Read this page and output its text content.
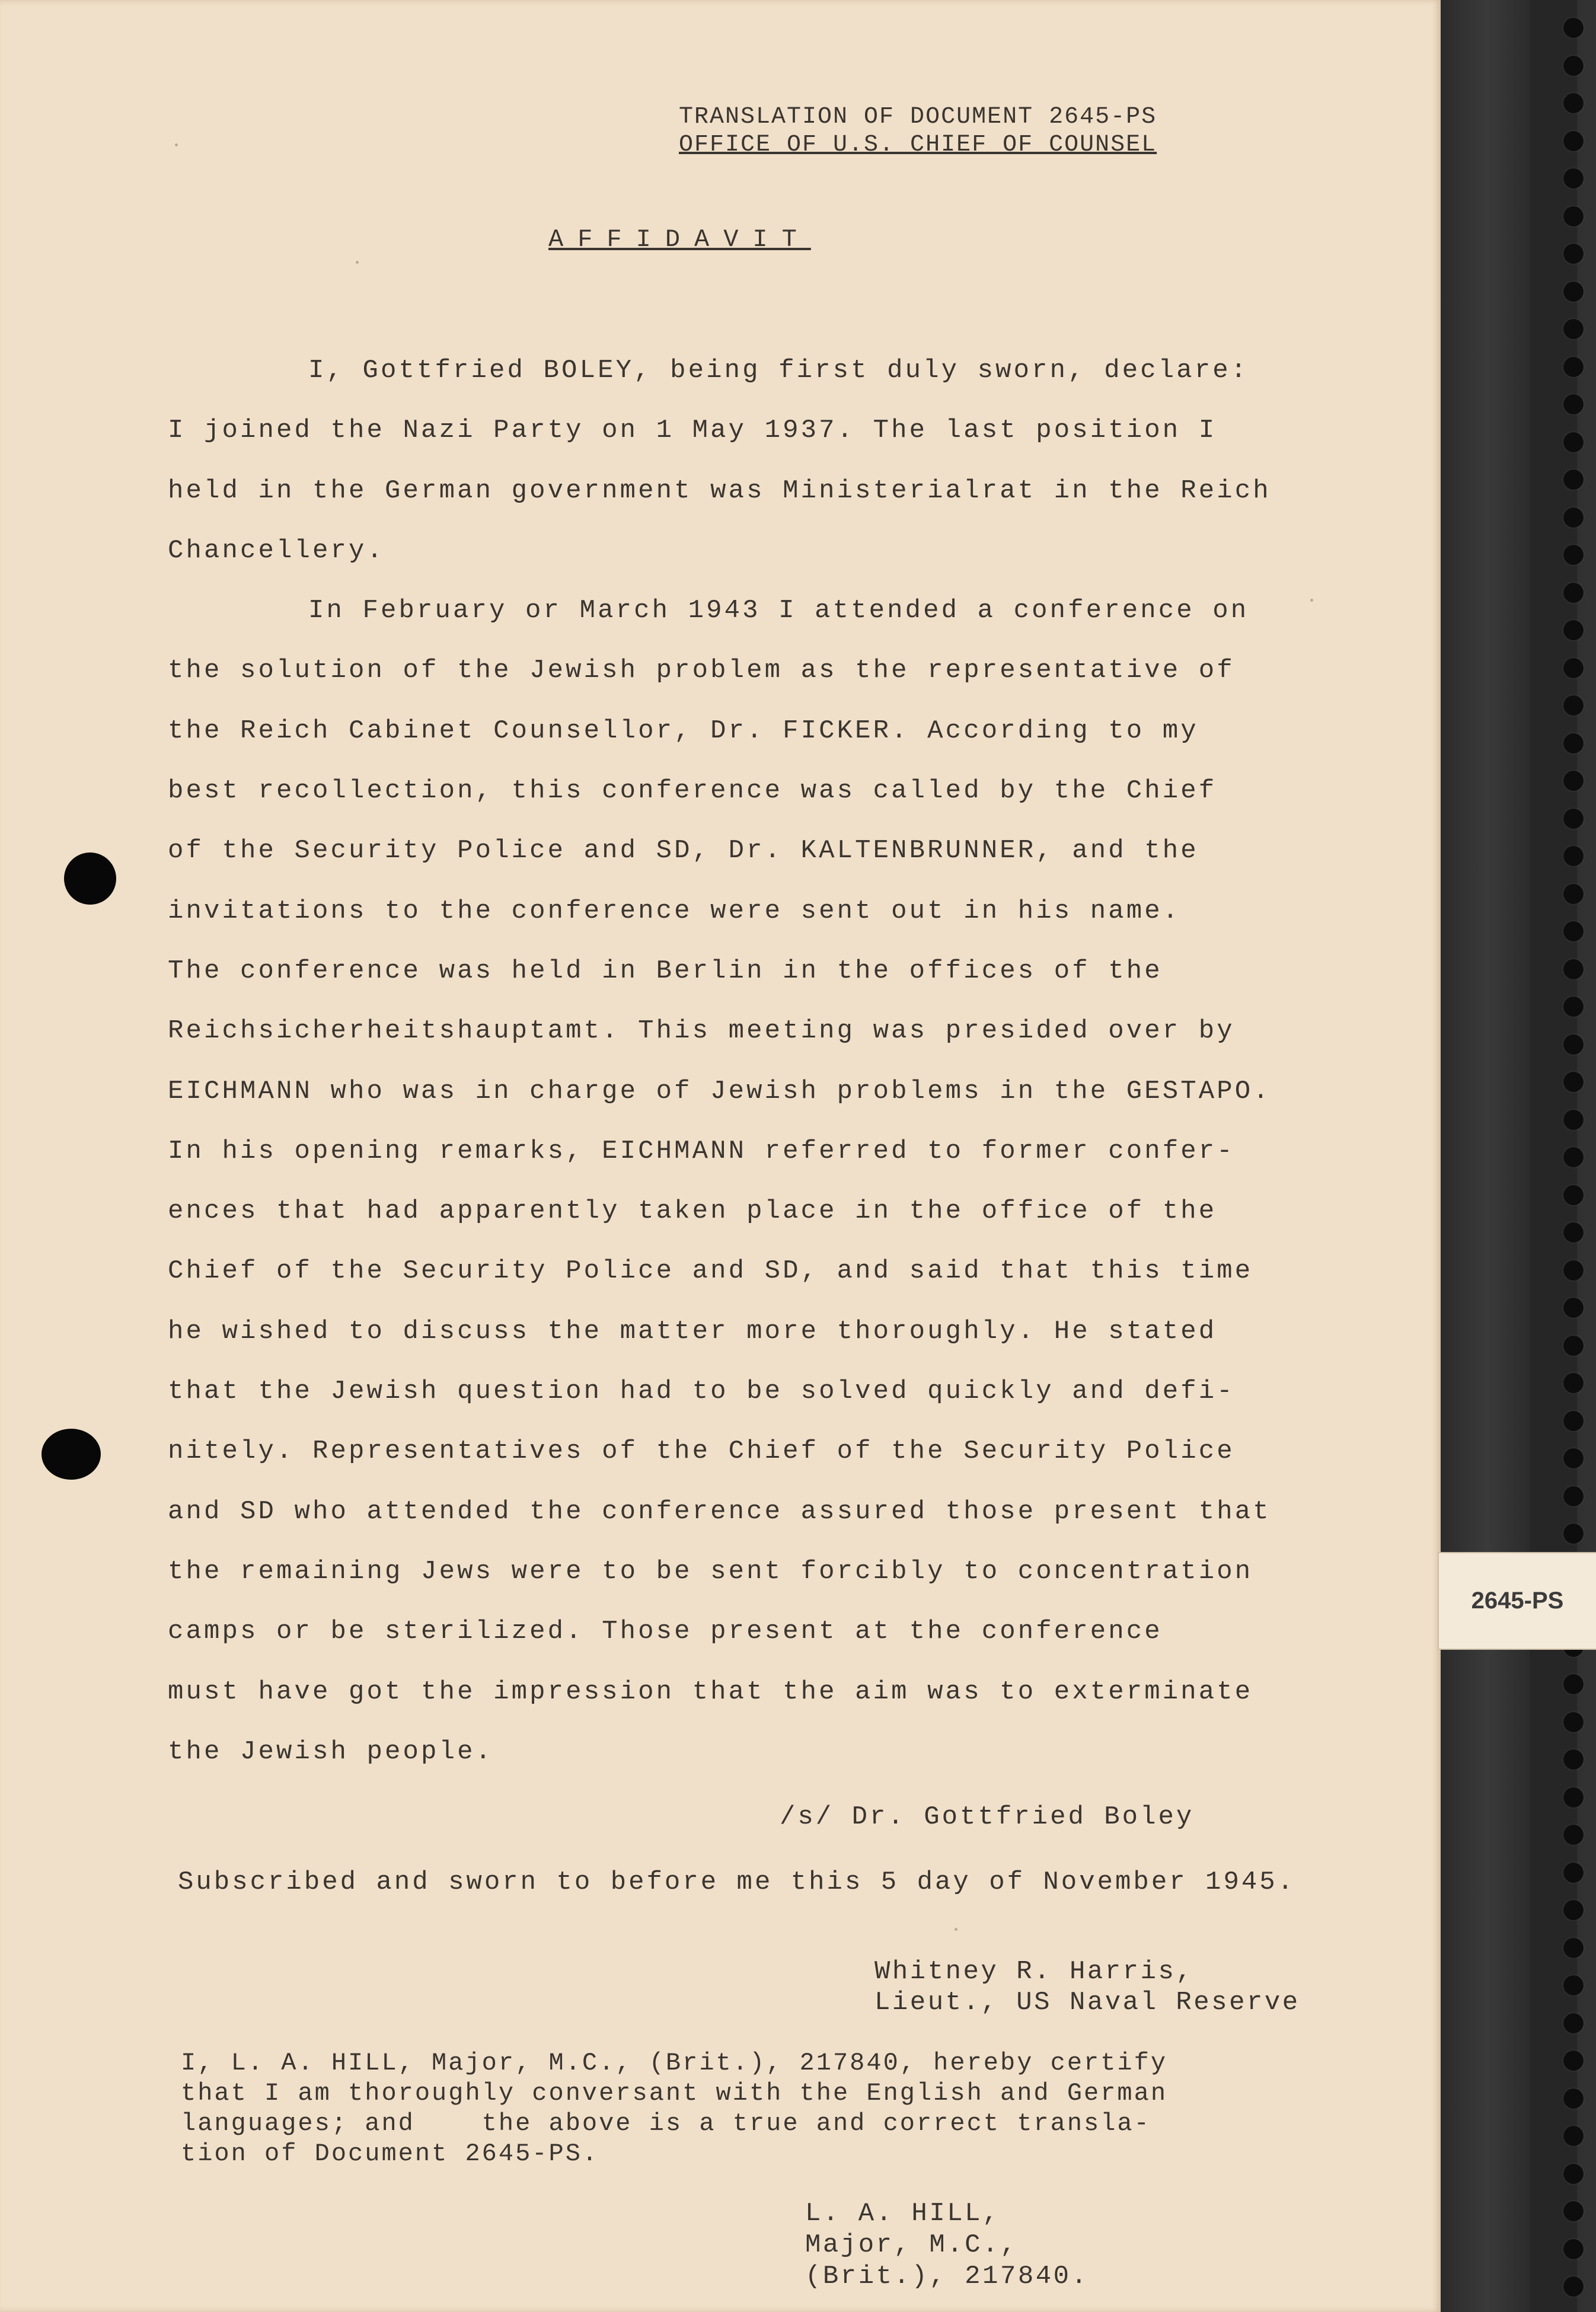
TRANSLATION OF DOCUMENT 2645-PS
OFFICE OF U.S. CHIEF OF COUNSEL
AFFIDAVIT
I, Gottfried BOLEY, being first duly sworn, declare:
I joined the Nazi Party on 1 May 1937. The last position I
held in the German government was Ministerialrat in the Reich
Chancellery.
In February or March 1943 I attended a conference on
the solution of the Jewish problem as the representative of
the Reich Cabinet Counsellor, Dr. FICKER. According to my
best recollection, this conference was called by the Chief
of the Security Police and SD, Dr. KALTENBRUNNER, and the
invitations to the conference were sent out in his name.
The conference was held in Berlin in the offices of the
Reichsicherheitshauptamt. This meeting was presided over by
EICHMANN who was in charge of Jewish problems in the GESTAPO.
In his opening remarks, EICHMANN referred to former confer-
ences that had apparently taken place in the office of the
Chief of the Security Police and SD, and said that this time
he wished to discuss the matter more thoroughly. He stated
that the Jewish question had to be solved quickly and defi-
nitely. Representatives of the Chief of the Security Police
and SD who attended the conference assured those present that
the remaining Jews were to be sent forcibly to concentration
camps or be sterilized. Those present at the conference
must have got the impression that the aim was to exterminate
the Jewish people.
/s/ Dr. Gottfried Boley
Subscribed and sworn to before me this 5 day of November 1945.
Whitney R. Harris,
Lieut., US Naval Reserve
I, L. A. HILL, Major, M.C., (Brit.), 217840, hereby certify
that I am thoroughly conversant with the English and German
languages; and    the above is a true and correct transla-
tion of Document 2645-PS.
L. A. HILL,
Major, M.C.,
(Brit.), 217840.
2645-PS
